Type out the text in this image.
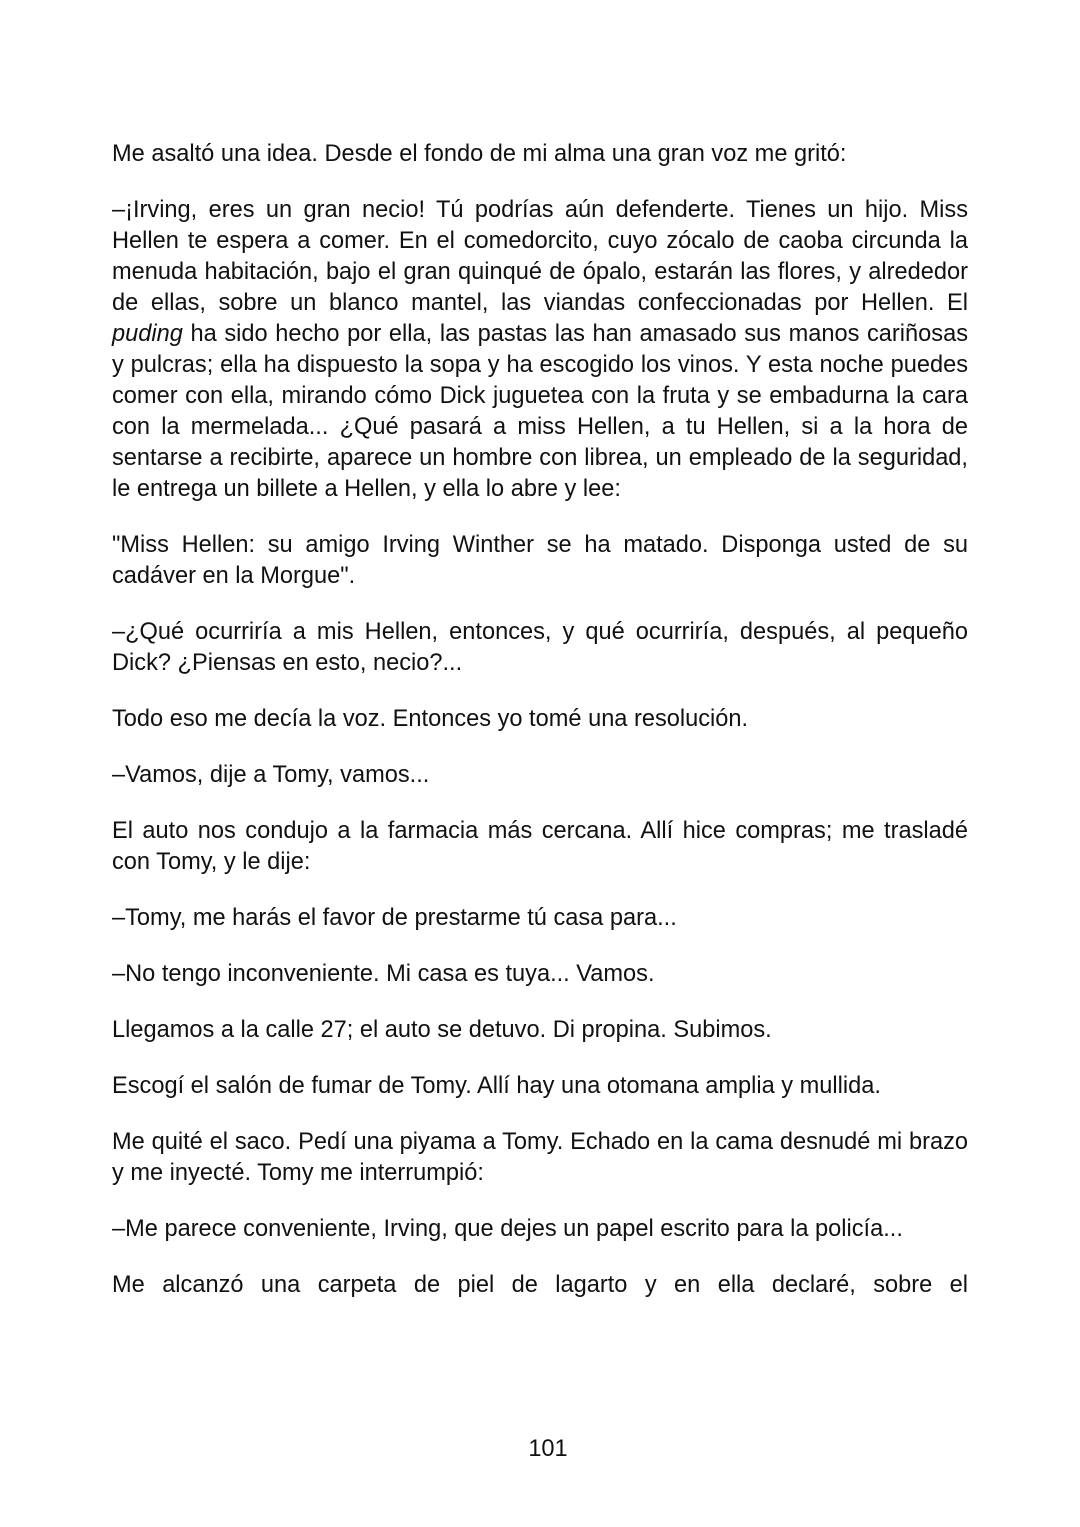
Me asaltó una idea. Desde el fondo de mi alma una gran voz me gritó:

–¡Irving, eres un gran necio! Tú podrías aún defenderte. Tienes un hijo. Miss Hellen te espera a comer. En el comedorcito, cuyo zócalo de caoba circunda la menuda habitación, bajo el gran quinqué de ópalo, estarán las flores, y alrededor de ellas, sobre un blanco mantel, las viandas confeccionadas por Hellen. El puding ha sido hecho por ella, las pastas las han amasado sus manos cariñosas y pulcras; ella ha dispuesto la sopa y ha escogido los vinos. Y esta noche puedes comer con ella, mirando cómo Dick juguetea con la fruta y se embadurna la cara con la mermelada... ¿Qué pasará a miss Hellen, a tu Hellen, si a la hora de sentarse a recibirte, aparece un hombre con librea, un empleado de la seguridad, le entrega un billete a Hellen, y ella lo abre y lee:

"Miss Hellen: su amigo Irving Winther se ha matado. Disponga usted de su cadáver en la Morgue".

–¿Qué ocurriría a mis Hellen, entonces, y qué ocurriría, después, al pequeño Dick? ¿Piensas en esto, necio?...

Todo eso me decía la voz. Entonces yo tomé una resolución.

–Vamos, dije a Tomy, vamos...

El auto nos condujo a la farmacia más cercana. Allí hice compras; me trasladé con Tomy, y le dije:

–Tomy, me harás el favor de prestarme tú casa para...

–No tengo inconveniente. Mi casa es tuya... Vamos.

Llegamos a la calle 27; el auto se detuvo. Di propina. Subimos.

Escogí el salón de fumar de Tomy. Allí hay una otomana amplia y mullida.

Me quité el saco. Pedí una piyama a Tomy. Echado en la cama desnudé mi brazo y me inyecté. Tomy me interrumpió:

–Me parece conveniente, Irving, que dejes un papel escrito para la policía...

Me alcanzó una carpeta de piel de lagarto y en ella declaré, sobre el

101
